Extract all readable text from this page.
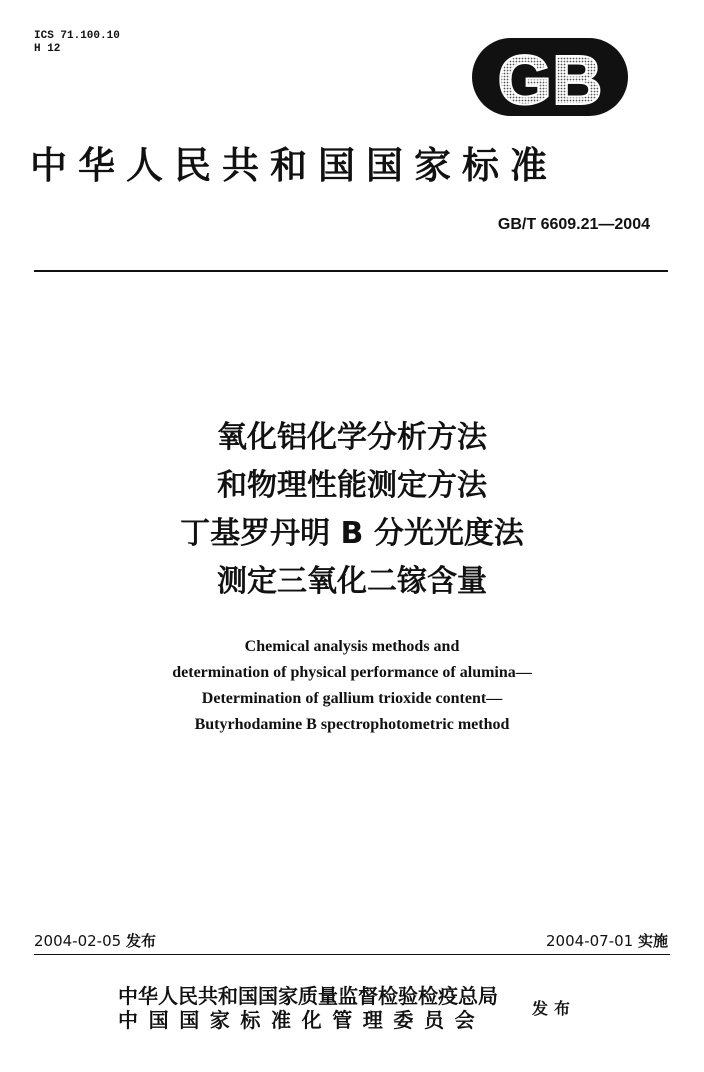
ICS 71.100.10
H 12	GB
中华人民共和国国家标准
GB/T 6609.21—2004
氧化铝化学分析方法
和物理性能测定方法
丁基罗丹明 B 分光光度法
测定三氧化二镓含量
Chemical analysis methods and
determination of physical performance of alumina—
Determination of gallium trioxide content—
Butyrhodamine B spectrophotometric method
2004-02-05 发布	2004-07-01 实施
中华人民共和国国家质量监督检验检疫总局
中国国家标准化管理委员会	发布
